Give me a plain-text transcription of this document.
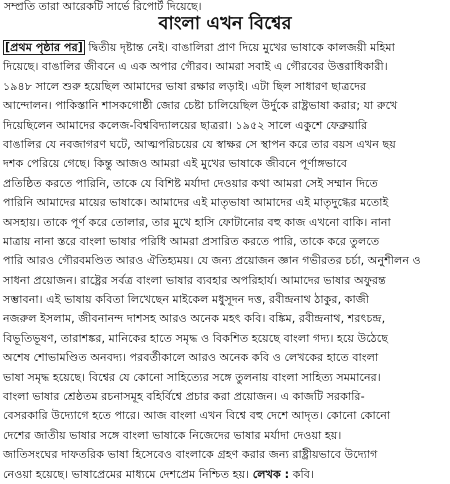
সম্প্রতি তারা আরেকটি সার্ভে রিপোর্ট দিয়েছে।
বাংলা এখন বিশ্বের
[প্রথম পৃষ্ঠার পর] দ্বিতীয় দৃষ্টান্ত নেই। বাঙালিরা প্রাণ দিয়ে মুখের ভাষাকে কালজয়ী মহিমা
দিয়েছে। বাঙালির জীবনে এ এক অপার গৌরব। আমরা সবাই এ গৌরবের উত্তরাধিকারী।
১৯৪৮ সালে শুরু হয়েছিল আমাদের ভাষা রক্ষার লড়াই। এটা ছিল সাধারণ ছাত্রদের
আন্দোলন। পাকিস্তানি শাসকগোষ্ঠী জোর চেষ্টা চালিয়েছিল উর্দুকে রাষ্ট্রভাষা করার; যা রুখে
দিয়েছিলেন আমাদের কলেজ-বিশ্ববিদ্যালয়ের ছাত্ররা। ১৯৫২ সালে একুশে ফেব্রুয়ারি
বাঙালির যে নবজাগরণ ঘটে, আত্মপরিচয়ের যে স্বাক্ষর সে স্থাপন করে তার বয়স এখন ছয়
দশক পেরিয়ে গেছে। কিন্তু আজও আমরা এই মুখের ভাষাকে জীবনে পূর্ণাঙ্গভাবে
প্রতিষ্ঠিত করতে পারিনি, তাকে যে বিশিষ্ট মর্যাদা দেওয়ার কথা আমরা সেই সম্মান দিতে
পারিনি আমাদের মায়ের ভাষাকে। আমাদের এই মাতৃভাষা আমাদের এই মাতৃদুগ্ধের মতোই
অসহায়। তাকে পূর্ণ করে তোলার, তার মুখে হাসি ফোটানোর বহু কাজ এখনো বাকি। নানা
মাত্রায় নানা স্তরে বাংলা ভাষার পরিধি আমরা প্রসারিত করতে পারি, তাকে করে তুলতে
পারি আরও গৌরবমণ্ডিত আরও ঐতিহ্যময়। যে জন্য প্রয়োজন জ্ঞান গভীরতর চর্চা, অনুশীলন ও
সাধনা প্রয়োজন। রাষ্ট্রের সর্বত্র বাংলা ভাষার ব্যবহার অপরিহার্য। আমাদের ভাষার অফুরন্ত
সম্ভাবনা। এই ভাষায় কবিতা লিখেছেন মাইকেল মধুসূদন দত্ত, রবীন্দ্রনাথ ঠাকুর, কাজী
নজরুল ইসলাম, জীবনানন্দ দাশসহ আরও অনেক মহৎ কবি। বঙ্কিম, রবীন্দ্রনাথ, শরৎচন্দ্র,
বিভূতিভূষণ, তারাশঙ্কর, মানিকের হাতে সমৃদ্ধ ও বিকশিত হয়েছে বাংলা গদ্য। হয়ে উঠেছে
অশেষ শোভামণ্ডিত অনবদ্য। পরবর্তীকালে আরও অনেক কবি ও লেখকের হাতে বাংলা
ভাষা সমৃদ্ধ হয়েছে। বিশ্বের যে কোনো সাহিত্যের সঙ্গে তুলনায় বাংলা সাহিত্য সমমানের।
বাংলা ভাষার শ্রেষ্ঠতম রচনাসমূহ বহির্বিশ্বে প্রচার করা প্রয়োজন। এ কাজটি সরকারি-
বেসরকারি উদ্যোগে হতে পারে। আজ বাংলা এখন বিশ্বে বহু দেশে আদৃত। কোনো কোনো
দেশের জাতীয় ভাষার সঙ্গে বাংলা ভাষাকে নিজেদের ভাষার মর্যাদা দেওয়া হয়।
জাতিসংঘের দাফতরিক ভাষা হিসেবেও বাংলাকে গ্রহণ করার জন্য রাষ্ট্রীয়ভাবে উদ্যোগ
নেওয়া হয়েছে। ভাষাপ্রেমের মাধ্যমে দেশপ্রেম নিশ্চিত হয়। লেখক : কবি।
